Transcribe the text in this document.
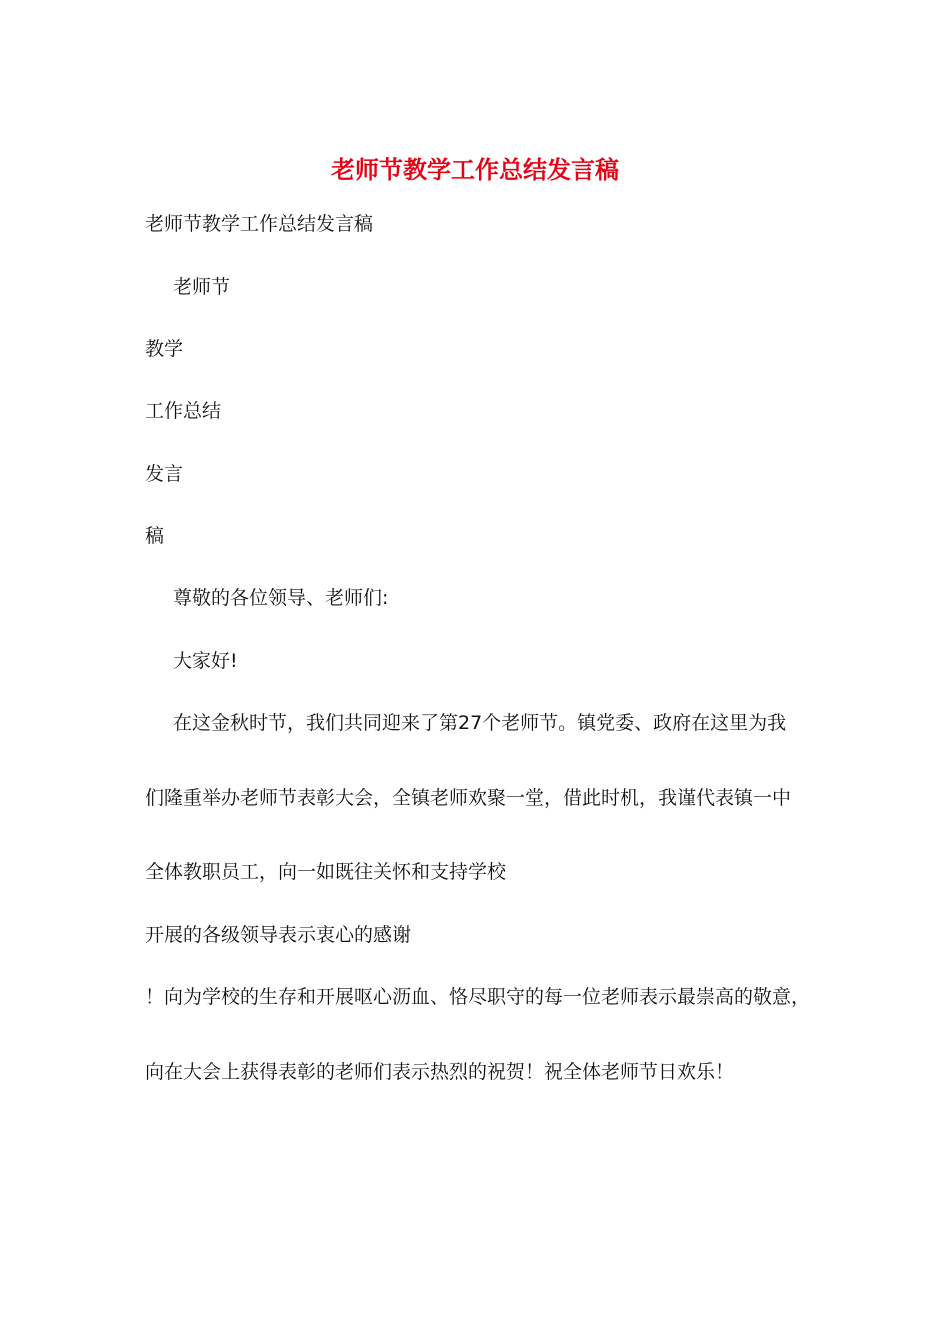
老师节教学工作总结发言稿
老师节教学工作总结发言稿
老师节
教学
工作总结
发言
稿
尊敬的各位领导、老师们:
大家好!
在这金秋时节，我们共同迎来了第27个老师节。镇党委、政府在这里为我
们隆重举办老师节表彰大会，全镇老师欢聚一堂，借此时机，我谨代表镇一中
全体教职员工，向一如既往关怀和支持学校
开展的各级领导表示衷心的感谢
！向为学校的生存和开展呕心沥血、恪尽职守的每一位老师表示最崇高的敬意，
向在大会上获得表彰的老师们表示热烈的祝贺！祝全体老师节日欢乐！
